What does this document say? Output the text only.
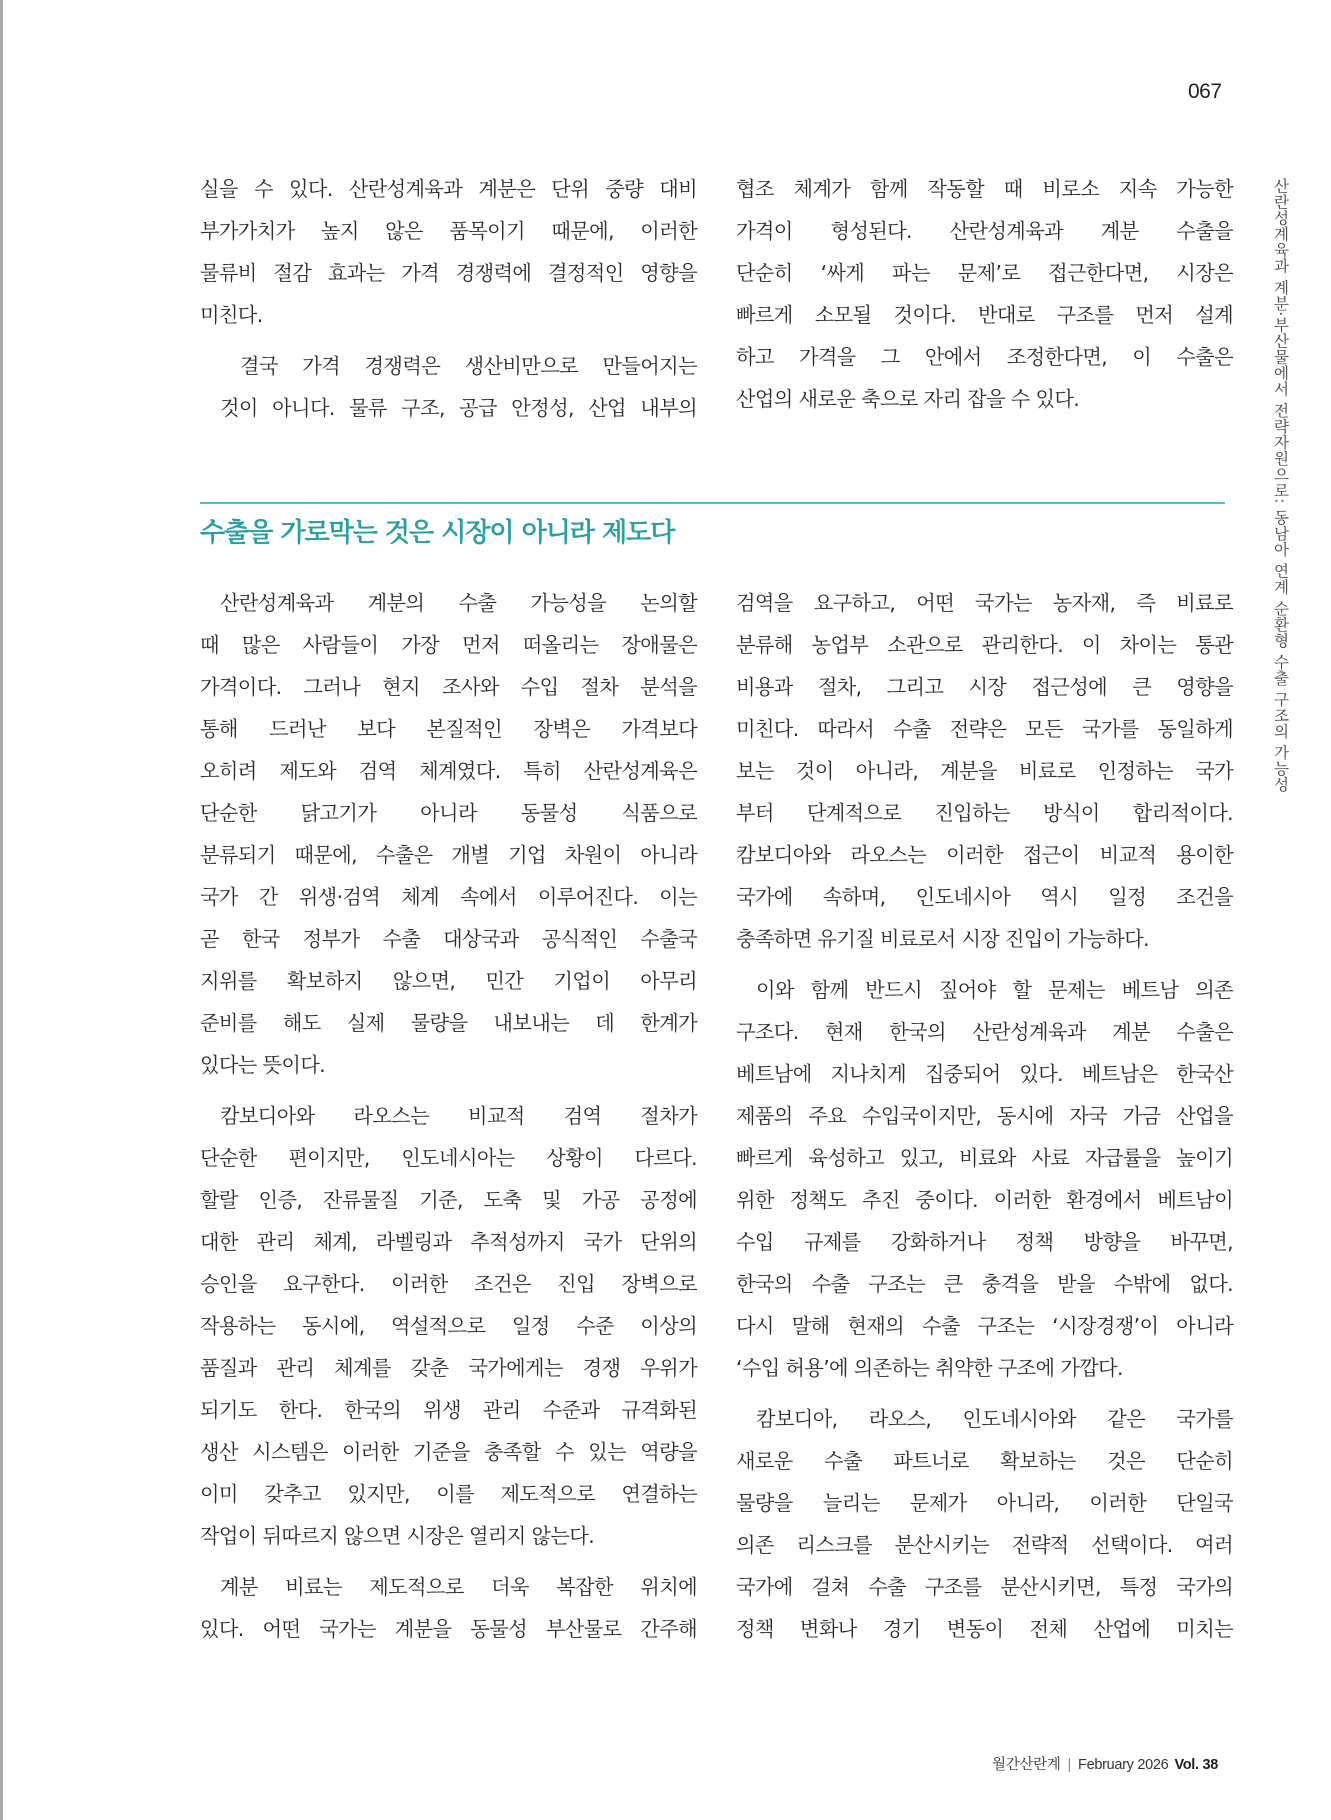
067
산란성계육과 계분·부산물에서 전략자원으로: 동남아 연계 순환형 수출 구조의 가능성

실을 수 있다. 산란성계육과 계분은 단위 중량 대비
부가가치가 높지 않은 품목이기 때문에, 이러한
물류비 절감 효과는 가격 경쟁력에 결정적인 영향을
미친다.

결국 가격 경쟁력은 생산비만으로 만들어지는
것이 아니다. 물류 구조, 공급 안정성, 산업 내부의

협조 체계가 함께 작동할 때 비로소 지속 가능한
가격이 형성된다. 산란성계육과 계분 수출을
단순히 ‘싸게 파는 문제’로 접근한다면, 시장은
빠르게 소모될 것이다. 반대로 구조를 먼저 설계
하고 가격을 그 안에서 조정한다면, 이 수출은
산업의 새로운 축으로 자리 잡을 수 있다.

수출을 가로막는 것은 시장이 아니라 제도다

산란성계육과 계분의 수출 가능성을 논의할
때 많은 사람들이 가장 먼저 떠올리는 장애물은
가격이다. 그러나 현지 조사와 수입 절차 분석을
통해 드러난 보다 본질적인 장벽은 가격보다
오히려 제도와 검역 체계였다. 특히 산란성계육은
단순한 닭고기가 아니라 동물성 식품으로
분류되기 때문에, 수출은 개별 기업 차원이 아니라
국가 간 위생·검역 체계 속에서 이루어진다. 이는
곧 한국 정부가 수출 대상국과 공식적인 수출국
지위를 확보하지 않으면, 민간 기업이 아무리
준비를 해도 실제 물량을 내보내는 데 한계가
있다는 뜻이다.

캄보디아와 라오스는 비교적 검역 절차가
단순한 편이지만, 인도네시아는 상황이 다르다.
할랄 인증, 잔류물질 기준, 도축 및 가공 공정에
대한 관리 체계, 라벨링과 추적성까지 국가 단위의
승인을 요구한다. 이러한 조건은 진입 장벽으로
작용하는 동시에, 역설적으로 일정 수준 이상의
품질과 관리 체계를 갖춘 국가에게는 경쟁 우위가
되기도 한다. 한국의 위생 관리 수준과 규격화된
생산 시스템은 이러한 기준을 충족할 수 있는 역량을
이미 갖추고 있지만, 이를 제도적으로 연결하는
작업이 뒤따르지 않으면 시장은 열리지 않는다.

계분 비료는 제도적으로 더욱 복잡한 위치에
있다. 어떤 국가는 계분을 동물성 부산물로 간주해

검역을 요구하고, 어떤 국가는 농자재, 즉 비료로
분류해 농업부 소관으로 관리한다. 이 차이는 통관
비용과 절차, 그리고 시장 접근성에 큰 영향을
미친다. 따라서 수출 전략은 모든 국가를 동일하게
보는 것이 아니라, 계분을 비료로 인정하는 국가
부터 단계적으로 진입하는 방식이 합리적이다.
캄보디아와 라오스는 이러한 접근이 비교적 용이한
국가에 속하며, 인도네시아 역시 일정 조건을
충족하면 유기질 비료로서 시장 진입이 가능하다.

이와 함께 반드시 짚어야 할 문제는 베트남 의존
구조다. 현재 한국의 산란성계육과 계분 수출은
베트남에 지나치게 집중되어 있다. 베트남은 한국산
제품의 주요 수입국이지만, 동시에 자국 가금 산업을
빠르게 육성하고 있고, 비료와 사료 자급률을 높이기
위한 정책도 추진 중이다. 이러한 환경에서 베트남이
수입 규제를 강화하거나 정책 방향을 바꾸면,
한국의 수출 구조는 큰 충격을 받을 수밖에 없다.
다시 말해 현재의 수출 구조는 ‘시장경쟁’이 아니라
‘수입 허용’에 의존하는 취약한 구조에 가깝다.

캄보디아, 라오스, 인도네시아와 같은 국가를
새로운 수출 파트너로 확보하는 것은 단순히
물량을 늘리는 문제가 아니라, 이러한 단일국
의존 리스크를 분산시키는 전략적 선택이다. 여러
국가에 걸쳐 수출 구조를 분산시키면, 특정 국가의
정책 변화나 경기 변동이 전체 산업에 미치는

월간산란계 | February 2026 Vol. 38
